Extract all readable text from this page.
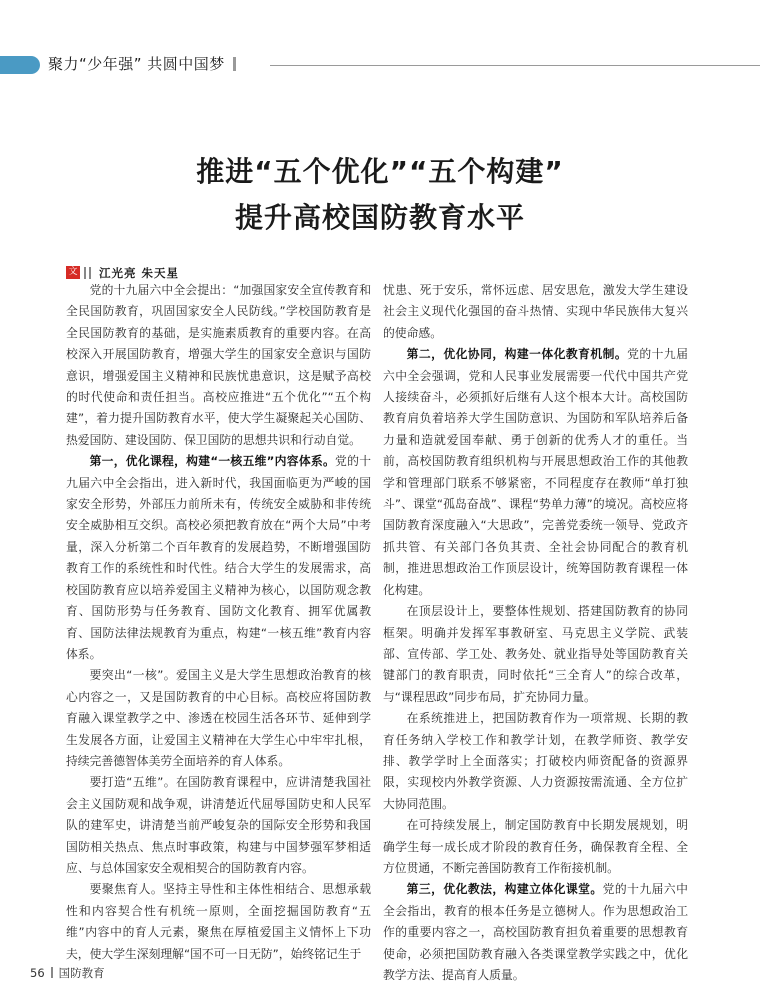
聚力“少年强” 共圆中国梦
推进“五个优化”“五个构建”
提升高校国防教育水平
文 江光亮 朱天星

党的十九届六中全会提出：“加强国家安全宣传教育和全民国防教育，巩固国家安全人民防线。”学校国防教育是全民国防教育的基础，是实施素质教育的重要内容。在高校深入开展国防教育，增强大学生的国家安全意识与国防意识，增强爱国主义精神和民族忧患意识，这是赋予高校的时代使命和责任担当。高校应推进“五个优化”“五个构建”，着力提升国防教育水平，使大学生凝聚起关心国防、热爱国防、建设国防、保卫国防的思想共识和行动自觉。

第一，优化课程，构建“一核五维”内容体系。党的十九届六中全会指出，进入新时代，我国面临更为严峻的国家安全形势，外部压力前所未有，传统安全威胁和非传统安全威胁相互交织。高校必须把教育放在“两个大局”中考量，深入分析第二个百年教育的发展趋势，不断增强国防教育工作的系统性和时代性。结合大学生的发展需求，高校国防教育应以培养爱国主义精神为核心，以国防观念教育、国防形势与任务教育、国防文化教育、拥军优属教育、国防法律法规教育为重点，构建“一核五维”教育内容体系。

要突出“一核”。爱国主义是大学生思想政治教育的核心内容之一，又是国防教育的中心目标。高校应将国防教育融入课堂教学之中、渗透在校园生活各环节、延伸到学生发展各方面，让爱国主义精神在大学生心中牢牢扎根，持续完善德智体美劳全面培养的育人体系。

要打造“五维”。在国防教育课程中，应讲清楚我国社会主义国防观和战争观，讲清楚近代屈辱国防史和人民军队的建军史，讲清楚当前严峻复杂的国际安全形势和我国国防相关热点、焦点时事政策，构建与中国梦强军梦相适应、与总体国家安全观相契合的国防教育内容。

要聚焦育人。坚持主导性和主体性相结合、思想承载性和内容契合性有机统一原则，全面挖掘国防教育“五维”内容中的育人元素，聚焦在厚植爱国主义情怀上下功夫，使大学生深刻理解“国不可一日无防”，始终铭记生于

忧患、死于安乐，常怀远虑、居安思危，激发大学生建设社会主义现代化强国的奋斗热情、实现中华民族伟大复兴的使命感。

第二，优化协同，构建一体化教育机制。党的十九届六中全会强调，党和人民事业发展需要一代代中国共产党人接续奋斗，必须抓好后继有人这个根本大计。高校国防教育肩负着培养大学生国防意识、为国防和军队培养后备力量和造就爱国奉献、勇于创新的优秀人才的重任。当前，高校国防教育组织机构与开展思想政治工作的其他教学和管理部门联系不够紧密，不同程度存在教师“单打独斗”、课堂“孤岛奋战”、课程“势单力薄”的境况。高校应将国防教育深度融入“大思政”，完善党委统一领导、党政齐抓共管、有关部门各负其责、全社会协同配合的教育机制，推进思想政治工作顶层设计，统筹国防教育课程一体化构建。

在顶层设计上，要整体性规划、搭建国防教育的协同框架。明确并发挥军事教研室、马克思主义学院、武装部、宣传部、学工处、教务处、就业指导处等国防教育关键部门的教育职责，同时依托“三全育人”的综合改革，与“课程思政”同步布局，扩充协同力量。

在系统推进上，把国防教育作为一项常规、长期的教育任务纳入学校工作和教学计划，在教学师资、教学安排、教学学时上全面落实；打破校内师资配备的资源界限，实现校内外教学资源、人力资源按需流通、全方位扩大协同范围。

在可持续发展上，制定国防教育中长期发展规划，明确学生每一成长成才阶段的教育任务，确保教育全程、全方位贯通，不断完善国防教育工作衔接机制。

第三，优化教法，构建立体化课堂。党的十九届六中全会指出，教育的根本任务是立德树人。作为思想政治工作的重要内容之一，高校国防教育担负着重要的思想教育使命，必须把国防教育融入各类课堂教学实践之中，优化教学方法、提高育人质量。

56 国防教育
